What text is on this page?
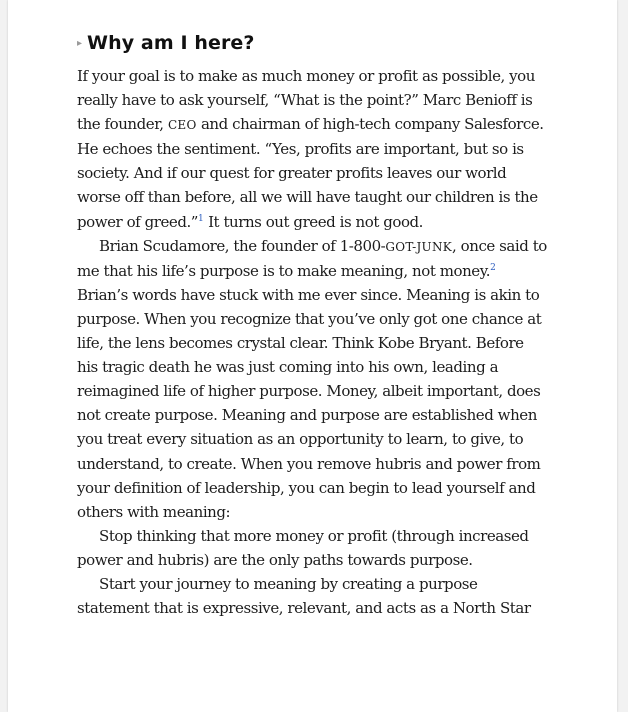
▸ Why am I here?

If your goal is to make as much money or profit as possible, you really have to ask yourself, “What is the point?” Marc Benioff is the founder, CEO and chairman of high-tech company Salesforce. He echoes the sentiment. “Yes, profits are important, but so is society. And if our quest for greater profits leaves our world worse off than before, all we will have taught our children is the power of greed.”$^1$ It turns out greed is not good.

Brian Scudamore, the founder of 1-800-GOT-JUNK, once said to me that his life’s purpose is to make meaning, not money.$^2$ Brian’s words have stuck with me ever since. Meaning is akin to purpose. When you recognize that you’ve only got one chance at life, the lens becomes crystal clear. Think Kobe Bryant. Before his tragic death he was just coming into his own, leading a reimagined life of higher purpose. Money, albeit important, does not create purpose. Meaning and purpose are established when you treat every situation as an opportunity to learn, to give, to understand, to create. When you remove hubris and power from your definition of leadership, you can begin to lead yourself and others with meaning:

Stop thinking that more money or profit (through increased power and hubris) are the only paths towards purpose.

Start your journey to meaning by creating a purpose statement that is expressive, relevant, and acts as a North Star
